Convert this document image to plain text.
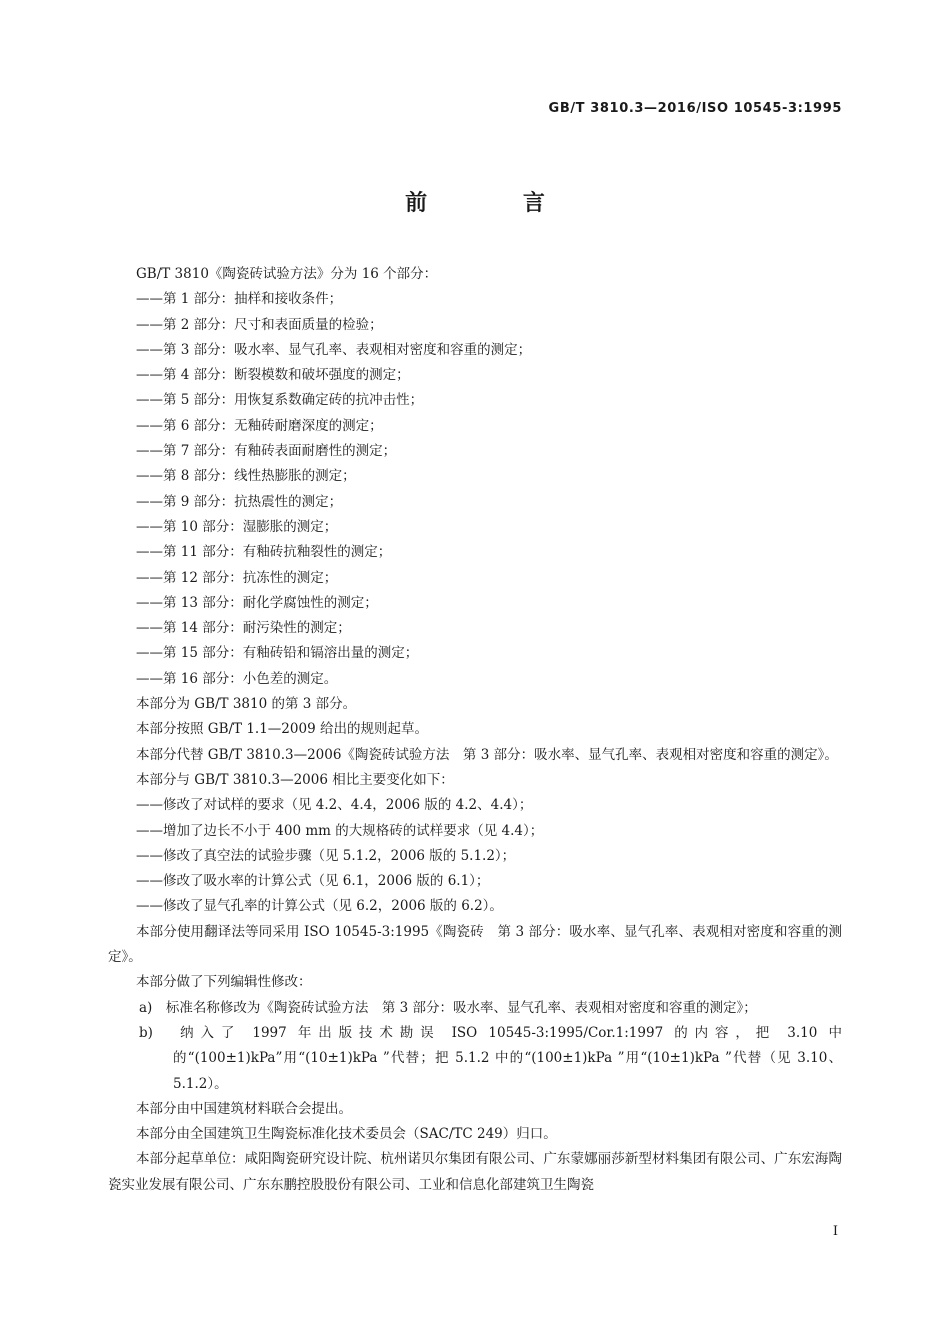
GB/T 3810.3—2016/ISO 10545-3:1995
前 言

GB/T 3810《陶瓷砖试验方法》分为 16 个部分：

——第 1 部分：抽样和接收条件；

——第 2 部分：尺寸和表面质量的检验；

——第 3 部分：吸水率、显气孔率、表观相对密度和容重的测定；

——第 4 部分：断裂模数和破坏强度的测定；

——第 5 部分：用恢复系数确定砖的抗冲击性；

——第 6 部分：无釉砖耐磨深度的测定；

——第 7 部分：有釉砖表面耐磨性的测定；

——第 8 部分：线性热膨胀的测定；

——第 9 部分：抗热震性的测定；

——第 10 部分：湿膨胀的测定；

——第 11 部分：有釉砖抗釉裂性的测定；

——第 12 部分：抗冻性的测定；

——第 13 部分：耐化学腐蚀性的测定；

——第 14 部分：耐污染性的测定；

——第 15 部分：有釉砖铅和镉溶出量的测定；

——第 16 部分：小色差的测定。

本部分为 GB/T 3810 的第 3 部分。

本部分按照 GB/T 1.1—2009 给出的规则起草。

本部分代替 GB/T 3810.3—2006《陶瓷砖试验方法　第 3 部分：吸水率、显气孔率、表观相对密度和容重的测定》。

本部分与 GB/T 3810.3—2006 相比主要变化如下：

——修改了对试样的要求（见 4.2、4.4，2006 版的 4.2、4.4）；

——增加了边长不小于 400 mm 的大规格砖的试样要求（见 4.4）；

——修改了真空法的试验步骤（见 5.1.2，2006 版的 5.1.2）；

——修改了吸水率的计算公式（见 6.1，2006 版的 6.1）；

——修改了显气孔率的计算公式（见 6.2，2006 版的 6.2）。

本部分使用翻译法等同采用 ISO 10545-3:1995《陶瓷砖　第 3 部分：吸水率、显气孔率、表观相对密度和容重的测定》。

本部分做了下列编辑性修改：

a)　标准名称修改为《陶瓷砖试验方法　第 3 部分：吸水率、显气孔率、表观相对密度和容重的测定》；

b)　纳入了 1997 年出版技术勘误 ISO 10545-3:1995/Cor.1:1997 的内容，把 3.10 中的“(100±1)kPa”用“(10±1)kPa ”代替；把 5.1.2 中的“(100±1)kPa ”用“(10±1)kPa ”代替（见 3.10、5.1.2）。

本部分由中国建筑材料联合会提出。

本部分由全国建筑卫生陶瓷标准化技术委员会（SAC/TC 249）归口。

本部分起草单位：咸阳陶瓷研究设计院、杭州诺贝尔集团有限公司、广东蒙娜丽莎新型材料集团有限公司、广东宏海陶瓷实业发展有限公司、广东东鹏控股股份有限公司、工业和信息化部建筑卫生陶瓷

I
